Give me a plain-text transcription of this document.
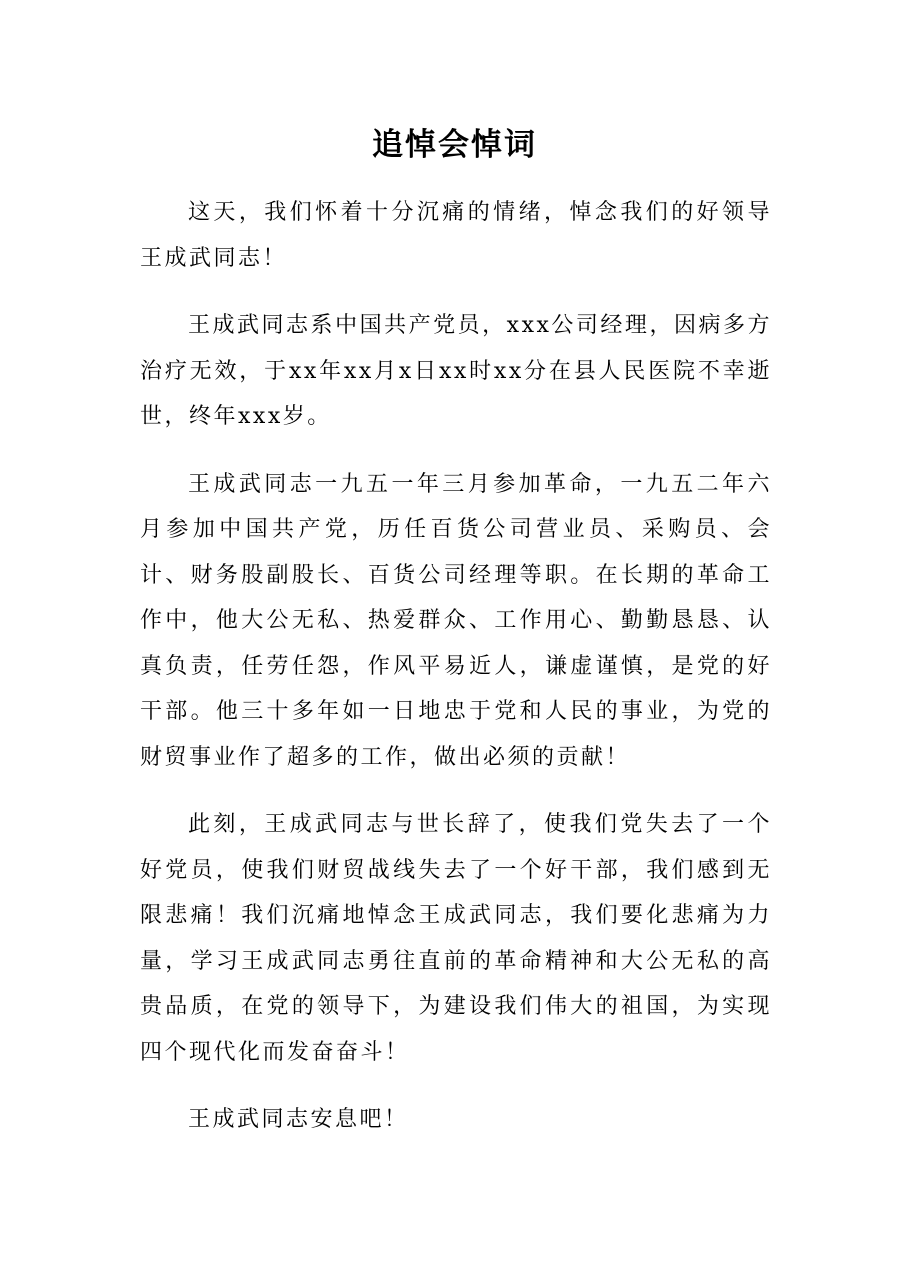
追悼会悼词

这天，我们怀着十分沉痛的情绪，悼念我们的好领导王成武同志！

王成武同志系中国共产党员，xxx公司经理，因病多方治疗无效，于xx年xx月x日xx时xx分在县人民医院不幸逝世，终年xxx岁。

王成武同志一九五一年三月参加革命，一九五二年六月参加中国共产党，历任百货公司营业员、采购员、会计、财务股副股长、百货公司经理等职。在长期的革命工作中，他大公无私、热爱群众、工作用心、勤勤恳恳、认真负责，任劳任怨，作风平易近人，谦虚谨慎，是党的好干部。他三十多年如一日地忠于党和人民的事业，为党的财贸事业作了超多的工作，做出必须的贡献！

此刻，王成武同志与世长辞了，使我们党失去了一个好党员，使我们财贸战线失去了一个好干部，我们感到无限悲痛！我们沉痛地悼念王成武同志，我们要化悲痛为力量，学习王成武同志勇往直前的革命精神和大公无私的高贵品质，在党的领导下，为建设我们伟大的祖国，为实现四个现代化而发奋奋斗！

王成武同志安息吧！
